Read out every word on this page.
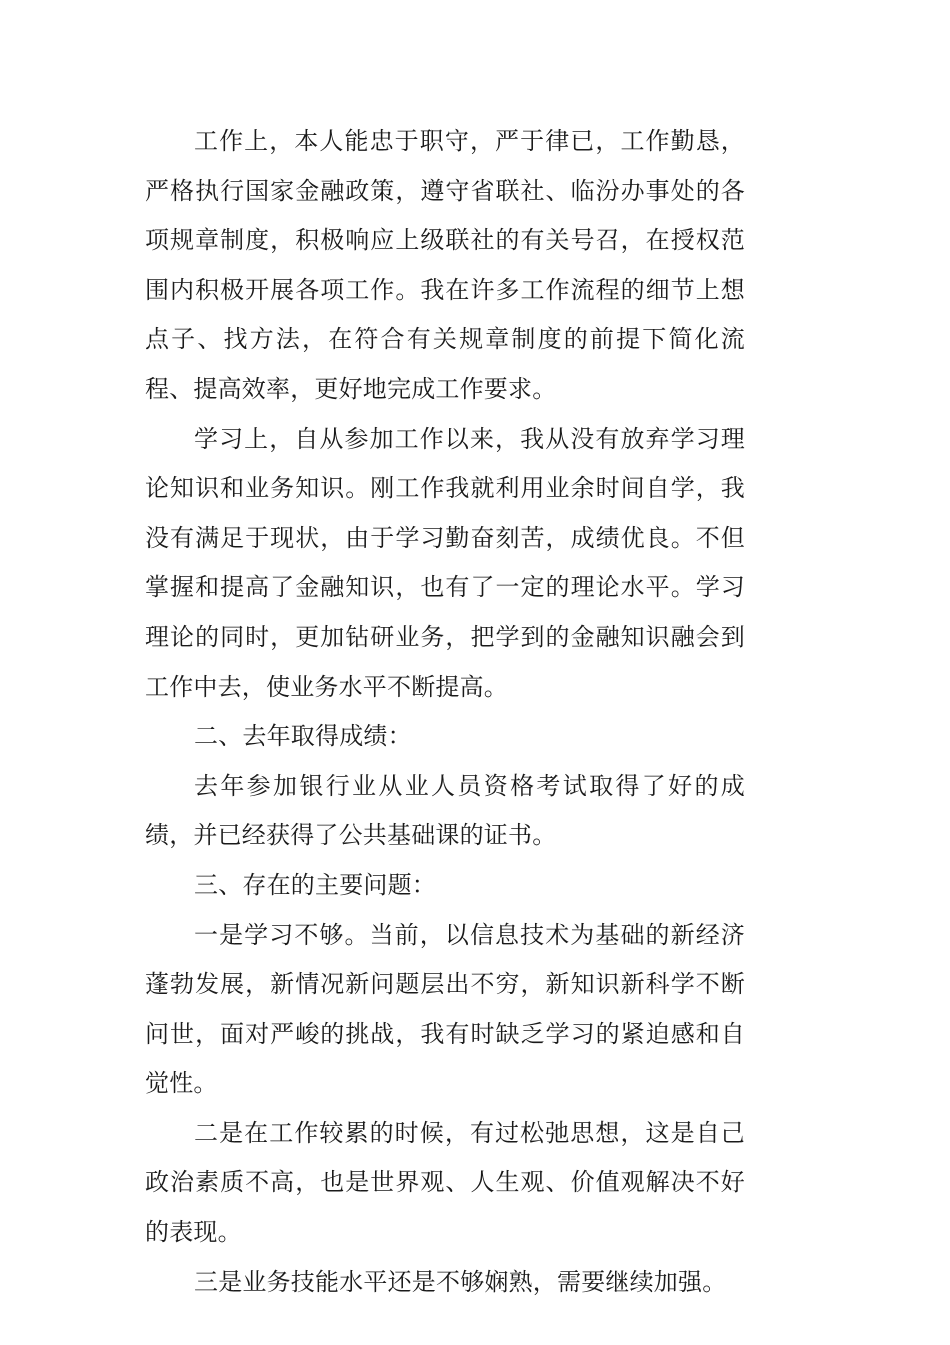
工作上，本人能忠于职守，严于律已，工作勤恳，严格执行国家金融政策，遵守省联社、临汾办事处的各项规章制度，积极响应上级联社的有关号召，在授权范围内积极开展各项工作。我在许多工作流程的细节上想点子、找方法，在符合有关规章制度的前提下简化流程、提高效率，更好地完成工作要求。

学习上，自从参加工作以来，我从没有放弃学习理论知识和业务知识。刚工作我就利用业余时间自学，我没有满足于现状，由于学习勤奋刻苦，成绩优良。不但掌握和提高了金融知识，也有了一定的理论水平。学习理论的同时，更加钻研业务，把学到的金融知识融会到工作中去，使业务水平不断提高。

二、去年取得成绩：

去年参加银行业从业人员资格考试取得了好的成绩，并已经获得了公共基础课的证书。

三、存在的主要问题：

一是学习不够。当前，以信息技术为基础的新经济蓬勃发展，新情况新问题层出不穷，新知识新科学不断问世，面对严峻的挑战，我有时缺乏学习的紧迫感和自觉性。

二是在工作较累的时候，有过松弛思想，这是自己政治素质不高，也是世界观、人生观、价值观解决不好的表现。

三是业务技能水平还是不够娴熟，需要继续加强。
